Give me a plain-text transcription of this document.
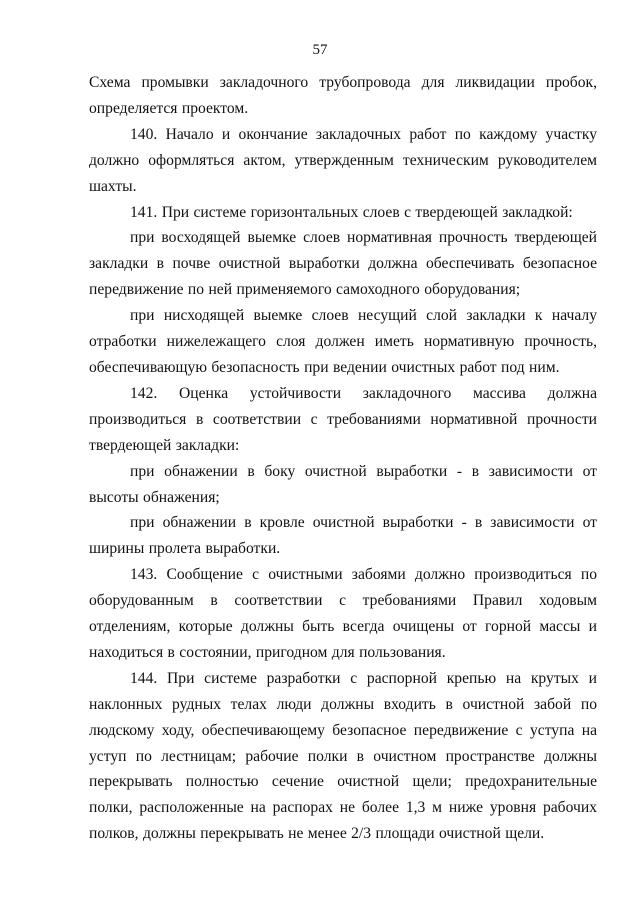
57

Схема промывки закладочного трубопровода для ликвидации пробок, определяется проектом.

140. Начало и окончание закладочных работ по каждому участку должно оформляться актом, утвержденным техническим руководителем шахты.

141. При системе горизонтальных слоев с твердеющей закладкой:

при восходящей выемке слоев нормативная прочность твердеющей закладки в почве очистной выработки должна обеспечивать безопасное передвижение по ней применяемого самоходного оборудования;

при нисходящей выемке слоев несущий слой закладки к началу отработки нижележащего слоя должен иметь нормативную прочность, обеспечивающую безопасность при ведении очистных работ под ним.

142. Оценка устойчивости закладочного массива должна производиться в соответствии с требованиями нормативной прочности твердеющей закладки:

при обнажении в боку очистной выработки - в зависимости от высоты обнажения;

при обнажении в кровле очистной выработки - в зависимости от ширины пролета выработки.

143. Сообщение с очистными забоями должно производиться по оборудованным в соответствии с требованиями Правил ходовым отделениям, которые должны быть всегда очищены от горной массы и находиться в состоянии, пригодном для пользования.

144. При системе разработки с распорной крепью на крутых и наклонных рудных телах люди должны входить в очистной забой по людскому ходу, обеспечивающему безопасное передвижение с уступа на уступ по лестницам; рабочие полки в очистном пространстве должны перекрывать полностью сечение очистной щели; предохранительные полки, расположенные на распорах не более 1,3 м ниже уровня рабочих полков, должны перекрывать не менее 2/3 площади очистной щели.
